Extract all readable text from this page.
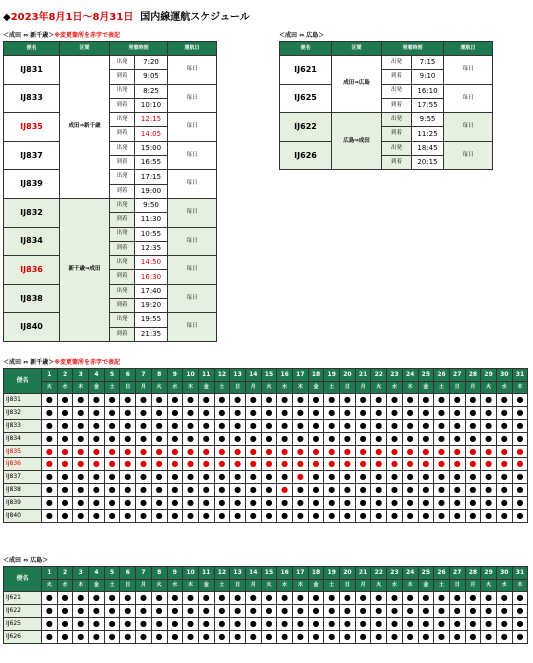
◆2023年8月1日～8月31日 国内線運航スケジュール
＜成田 ⇔ 新千歳＞※変更箇所を赤字で表記
便名	区間	発着時刻		運航日
IJ831	成田⇒新千歳	出発	7:20	毎日
		到着	9:05	
IJ833		出発	8:25	毎日
		到着	10:10	
IJ835		出発	12:15	毎日
		到着	14:05	
IJ837		出発	15:00	毎日
		到着	16:55	
IJ839		出発	17:15	毎日
		到着	19:00	
IJ832	新千歳⇒成田	出発	9:50	毎日
		到着	11:30	
IJ834		出発	10:55	毎日
		到着	12:35	
IJ836		出発	14:50	毎日
		到着	16:30	
IJ838		出発	17:40	毎日
		到着	19:20	
IJ840		出発	19:55	毎日
		到着	21:35	
＜成田 ⇔ 広島＞
便名	区間	発着時刻		運航日
IJ621	成田⇒広島	出発	7:15	毎日
		到着	9:10	
IJ625		出発	16:10	毎日
		到着	17:55	
IJ622	広島⇒成田	出発	9:55	毎日
		到着	11:25	
IJ626		出発	18:45	毎日
		到着	20:15	
＜成田 ⇔ 新千歳＞※変更箇所を赤字で表記
便名	1	2	3	4	5	6	7	8	9	10	11	12	13	14	15	16	17	18	19	20	21	22	23	24	25	26	27	28	29	30	31
	火	水	木	金	土	日	月	火	水	木	金	土	日	月	火	水	木	金	土	日	月	火	水	木	金	土	日	月	火	水	木
IJ831	●	●	●	●	●	●	●	●	●	●	●	●	●	●	●	●	●	●	●	●	●	●	●	●	●	●	●	●	●	●	●
IJ832	●	●	●	●	●	●	●	●	●	●	●	●	●	●	●	●	●	●	●	●	●	●	●	●	●	●	●	●	●	●	●
IJ833	●	●	●	●	●	●	●	●	●	●	●	●	●	●	●	●	●	●	●	●	●	●	●	●	●	●	●	●	●	●	●
IJ834	●	●	●	●	●	●	●	●	●	●	●	●	●	●	●	●	●	●	●	●	●	●	●	●	●	●	●	●	●	●	●
IJ835	●	●	●	●	●	●	●	●	●	●	●	●	●	●	●	●	●	●	●	●	●	●	●	●	●	●	●	●	●	●	●
IJ836	●	●	●	●	●	●	●	●	●	●	●	●	●	●	●	●	●	●	●	●	●	●	●	●	●	●	●	●	●	●	●
IJ837	●	●	●	●	●	●	●	●	●	●	●	●	●	●	●	●	●	●	●	●	●	●	●	●	●	●	●	●	●	●	●
IJ838	●	●	●	●	●	●	●	●	●	●	●	●	●	●	●	●	●	●	●	●	●	●	●	●	●	●	●	●	●	●	●
IJ839	●	●	●	●	●	●	●	●	●	●	●	●	●	●	●	●	●	●	●	●	●	●	●	●	●	●	●	●	●	●	●
IJ840	●	●	●	●	●	●	●	●	●	●	●	●	●	●	●	●	●	●	●	●	●	●	●	●	●	●	●	●	●	●	●
＜成田 ⇔ 広島＞
便名	1	2	3	4	5	6	7	8	9	10	11	12	13	14	15	16	17	18	19	20	21	22	23	24	25	26	27	28	29	30	31
	火	水	木	金	土	日	月	火	水	木	金	土	日	月	火	水	木	金	土	日	月	火	水	木	金	土	日	月	火	水	木
IJ621	●	●	●	●	●	●	●	●	●	●	●	●	●	●	●	●	●	●	●	●	●	●	●	●	●	●	●	●	●	●	●
IJ622	●	●	●	●	●	●	●	●	●	●	●	●	●	●	●	●	●	●	●	●	●	●	●	●	●	●	●	●	●	●	●
IJ625	●	●	●	●	●	●	●	●	●	●	●	●	●	●	●	●	●	●	●	●	●	●	●	●	●	●	●	●	●	●	●
IJ626	●	●	●	●	●	●	●	●	●	●	●	●	●	●	●	●	●	●	●	●	●	●	●	●	●	●	●	●	●	●	●
